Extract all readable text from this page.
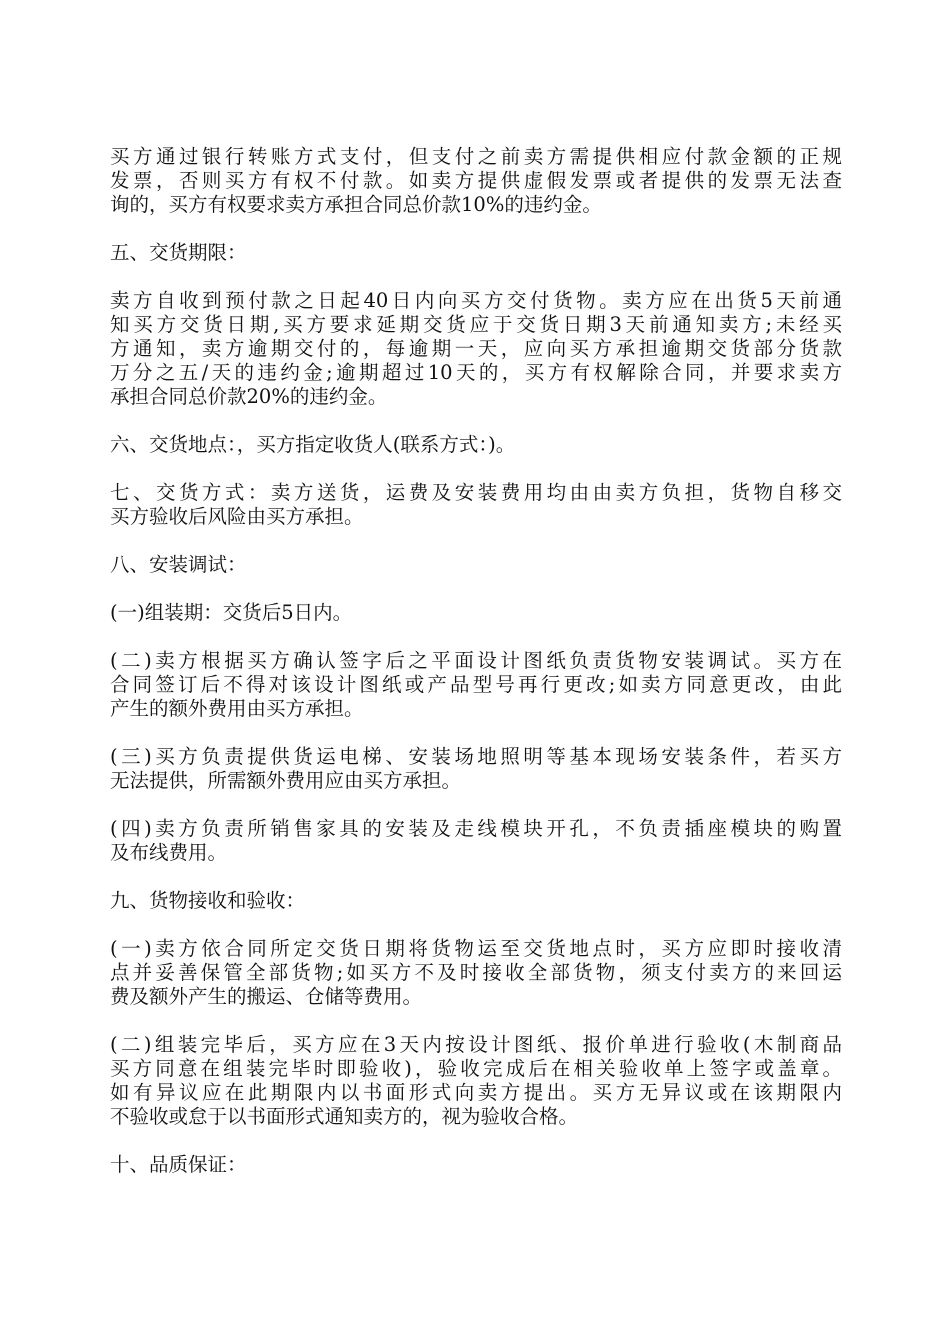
买方通过银行转账方式支付，但支付之前卖方需提供相应付款金额的正规
发票，否则买方有权不付款。如卖方提供虚假发票或者提供的发票无法查
询的，买方有权要求卖方承担合同总价款10%的违约金。
五、交货期限：
卖方自收到预付款之日起40日内向买方交付货物。卖方应在出货5天前通
知买方交货日期,买方要求延期交货应于交货日期3天前通知卖方;未经买
方通知，卖方逾期交付的，每逾期一天，应向买方承担逾期交货部分货款
万分之五/天的违约金;逾期超过10天的，买方有权解除合同，并要求卖方
承担合同总价款20%的违约金。
六、交货地点：，买方指定收货人(联系方式：)。
七、交货方式：卖方送货，运费及安装费用均由由卖方负担，货物自移交
买方验收后风险由买方承担。
八、安装调试：
(一)组装期：交货后5日内。
(二)卖方根据买方确认签字后之平面设计图纸负责货物安装调试。买方在
合同签订后不得对该设计图纸或产品型号再行更改;如卖方同意更改，由此
产生的额外费用由买方承担。
(三)买方负责提供货运电梯、安装场地照明等基本现场安装条件，若买方
无法提供，所需额外费用应由买方承担。
(四)卖方负责所销售家具的安装及走线模块开孔，不负责插座模块的购置
及布线费用。
九、货物接收和验收：
(一)卖方依合同所定交货日期将货物运至交货地点时，买方应即时接收清
点并妥善保管全部货物;如买方不及时接收全部货物，须支付卖方的来回运
费及额外产生的搬运、仓储等费用。
(二)组装完毕后，买方应在3天内按设计图纸、报价单进行验收(木制商品
买方同意在组装完毕时即验收)，验收完成后在相关验收单上签字或盖章。
如有异议应在此期限内以书面形式向卖方提出。买方无异议或在该期限内
不验收或怠于以书面形式通知卖方的，视为验收合格。
十、品质保证：
